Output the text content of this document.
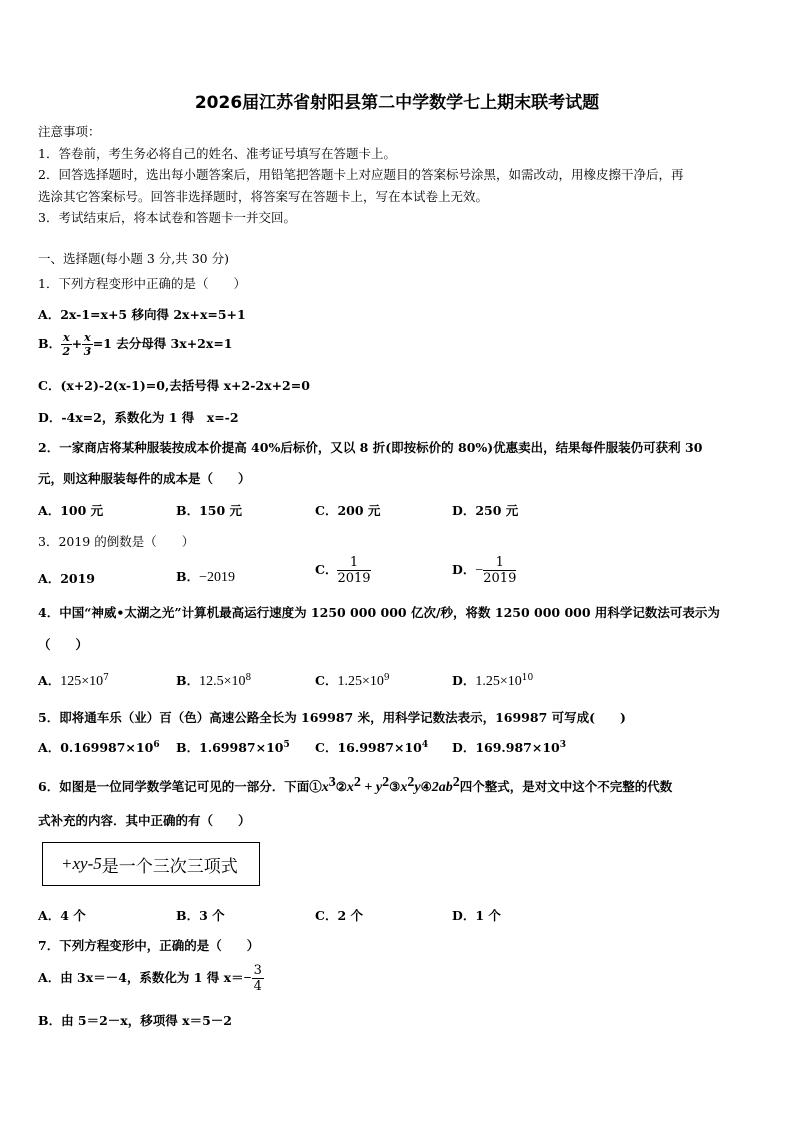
2026届江苏省射阳县第二中学数学七上期末联考试题
注意事项：
1．答卷前，考生务必将自己的姓名、准考证号填写在答题卡上。
2．回答选择题时，选出每小题答案后，用铅笔把答题卡上对应题目的答案标号涂黑，如需改动，用橡皮擦干净后，再
选涂其它答案标号。回答非选择题时，将答案写在答题卡上，写在本试卷上无效。
3．考试结束后，将本试卷和答题卡一并交回。
一、选择题(每小题 3 分,共 30 分)
1．下列方程变形中正确的是（　　）
A．2x-1=x+5 移向得 2x+x=5+1
B． $\frac{x}{2} + \frac{x}{3} =1$ 去分母得 3x+2x=1
C．(x+2)-2(x-1)=0,去括号得 x+2-2x+2=0
D．-4x=2，系数化为 1 得　x=-2
2．一家商店将某种服装按成本价提高 40%后标价，又以 8 折(即按标价的 80%)优惠卖出，结果每件服装仍可获利 30
元，则这种服装每件的成本是（　　）
A．100 元	B．150 元	C．200 元	D．250 元
3．2019 的倒数是（　　）
A．2019	B．−2019
C． $\frac{1}{2019}$	D．− $\frac{1}{2019}$
4．中国“神威•太湖之光”计算机最高运行速度为 1250 000 000 亿次/秒，将数 1250 000 000 用科学记数法可表示为
（　　）
A．$125\times 10^7$	B．$12.5\times 10^8$	C．$1.25\times 10^9$	D．$1.25\times 10^{10}$
5．即将通车乐（业）百（色）高速公路全长为 169987 米，用科学记数法表示，169987 可写成(　　)
A．$0.169987\times 10^6$ B．$1.69987\times 10^5$ C．$16.9987\times 10^4$ D．$169.987\times 10^3$
6．如图是一位同学数学笔记可见的一部分．下面$①x^3②x^2$ + $y^2③x^2y④2ab^2$四个整式，是对文中这个不完整的代数
式补充的内容．其中正确的有（　　）
+xy-5 是一个三次三项式
A．4 个	B．3 个	C．2 个	D．1 个
7．下列方程变形中，正确的是（　　）
A．由 3x＝－4，系数化为 1 得 $x=- \frac{3}{4}$
B．由 5＝2－x，移项得 x＝5－2
